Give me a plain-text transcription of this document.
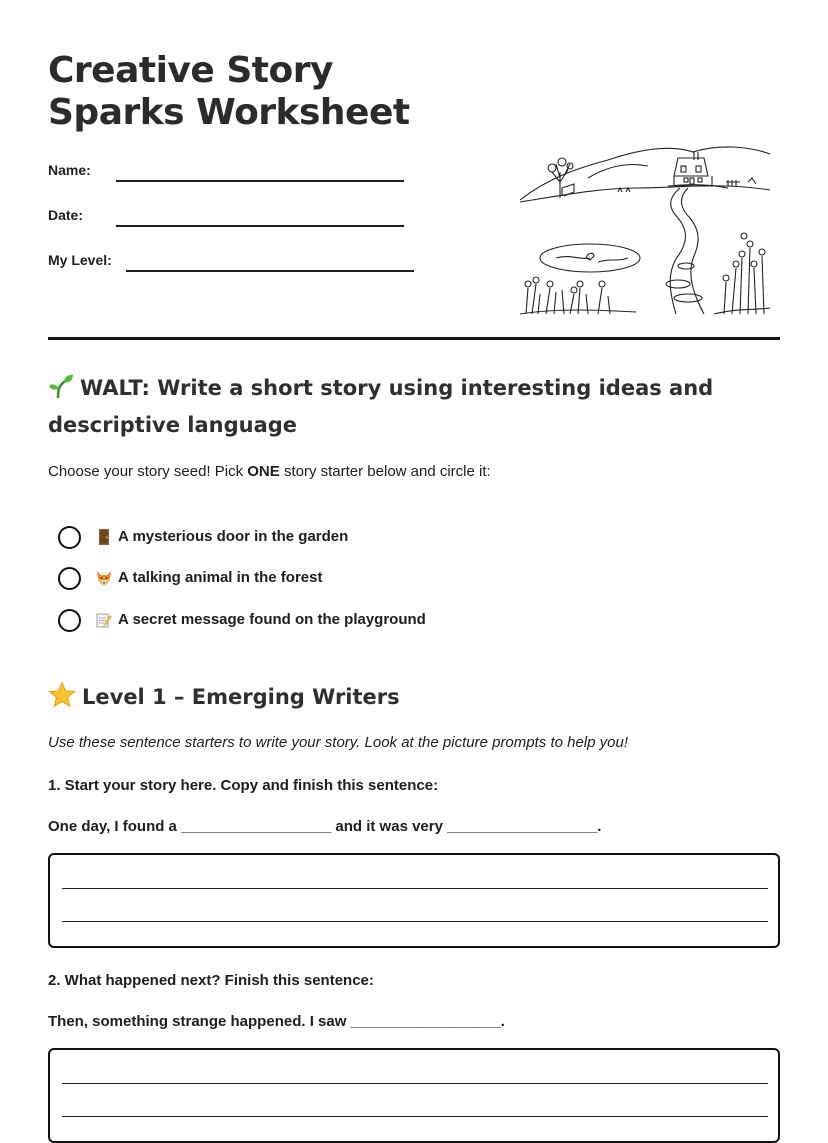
Creative Story Sparks Worksheet
Name:
Date:
My Level:
WALT: Write a short story using interesting ideas and descriptive language

Choose your story seed! Pick ONE story starter below and circle it:

A mysterious door in the garden
A talking animal in the forest
A secret message found on the playground
Level 1 – Emerging Writers

Use these sentence starters to write your story. Look at the picture prompts to help you!

1. Start your story here. Copy and finish this sentence:

One day, I found a __________________ and it was very __________________.

2. What happened next? Finish this sentence:

Then, something strange happened. I saw __________________.
